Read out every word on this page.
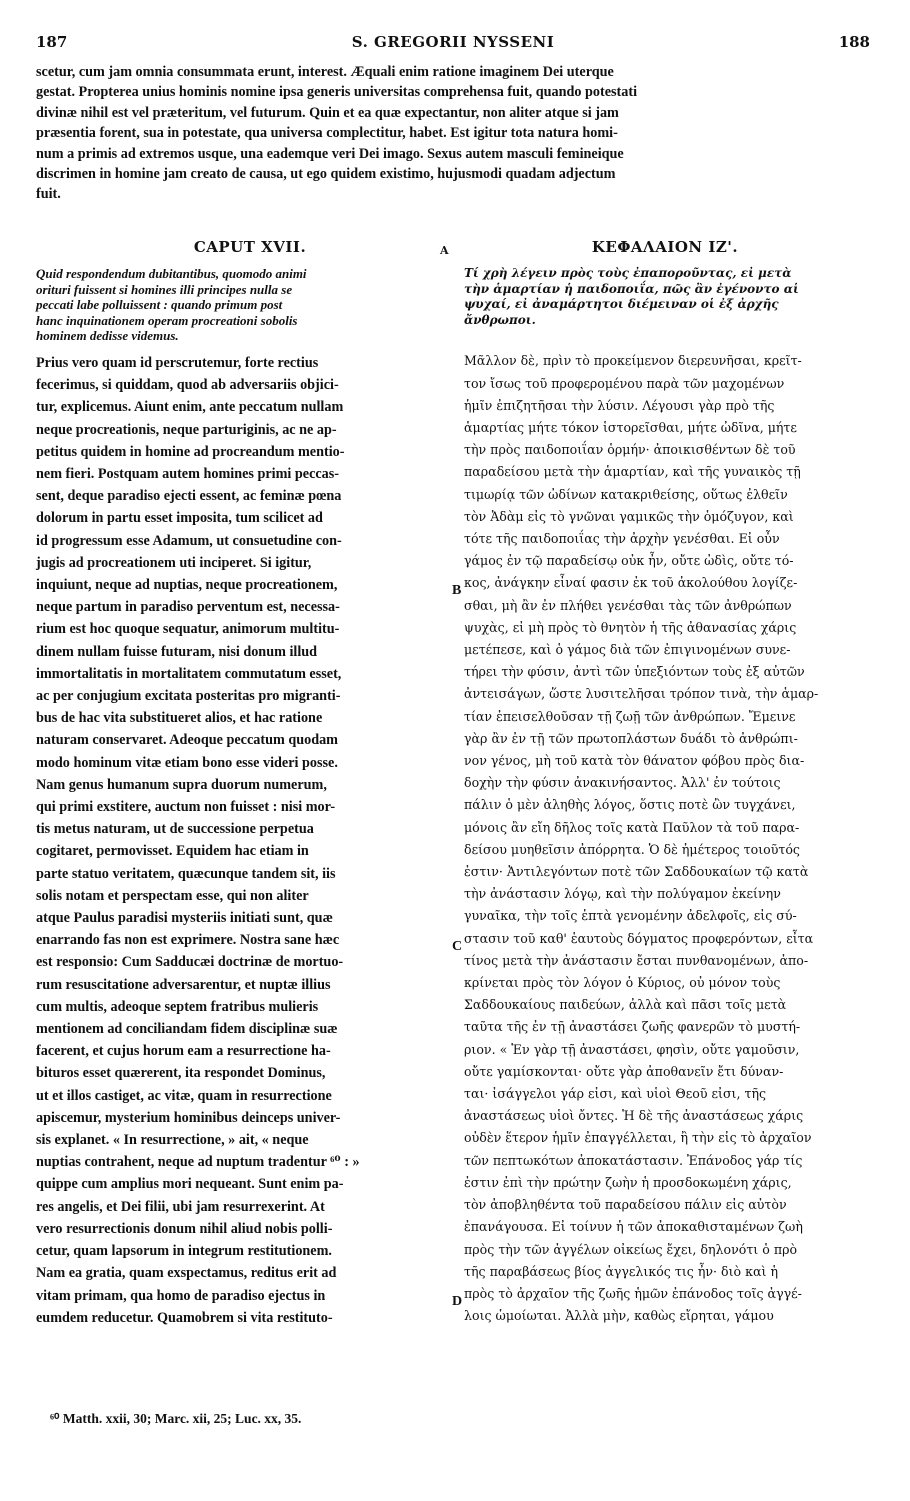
187	S. GREGORII NYSSENI	188
scetur, cum jam omnia consummata erunt, interest. Æquali enim ratione imaginem Dei uterque
gestat. Propterea unius hominis nomine ipsa generis universitas comprehensa fuit, quando potestati
divinæ nihil est vel præteritum, vel futurum. Quin et ea quæ expectantur, non aliter atque si jam
præsentia forent, sua in potestate, qua universa complectitur, habet. Est igitur tota natura homi-
num a primis ad extremos usque, una eademque veri Dei imago. Sexus autem masculi femineique
discrimen in homine jam creato de causa, ut ego quidem existimo, hujusmodi quadam adjectum
fuit.
CAPUT XVII.	A	ΚΕΦΑΛΑΙΟΝ ΙΖ'.
Quid respondendum dubitantibus, quomodo animi
orituri fuissent si homines illi principes nulla se
peccati labe polluissent : quando primum post
hanc inquinationem operam procreationi sobolis
hominem dedisse videmus.
Prius vero quam id perscrutemur, forte rectius
fecerimus, si quiddam, quod ab adversariis objici-
tur, explicemus. Aiunt enim, ante peccatum nullam
neque procreationis, neque parturiginis, ac ne ap-
petitus quidem in homine ad procreandum mentio-
nem fieri. Postquam autem homines primi peccas-
sent, deque paradiso ejecti essent, ac feminæ pœna
dolorum in partu esset imposita, tum scilicet ad
id progressum esse Adamum, ut consuetudine con-
jugis ad procreationem uti inciperet. Si igitur,
inquiunt, neque ad nuptias, neque procreationem,
neque partum in paradiso perventum est, necessa-
rium est hoc quoque sequatur, animorum multitu-
dinem nullam fuisse futuram, nisi donum illud
immortalitatis in mortalitatem commutatum esset,
ac per conjugium excitata posteritas pro migranti-
bus de hac vita substitueret alios, et hac ratione
naturam conservaret. Adeoque peccatum quodam
modo hominum vitæ etiam bono esse videri posse.
Nam genus humanum supra duorum numerum,
qui primi exstitere, auctum non fuisset : nisi mor-
tis metus naturam, ut de successione perpetua
cogitaret, permovisset. Equidem hac etiam in
parte statuo veritatem, quæcunque tandem sit, iis
solis notam et perspectam esse, qui non aliter
atque Paulus paradisi mysteriis initiati sunt, quæ
enarrando fas non est exprimere. Nostra sane hæc
est responsio: Cum Sadducæi doctrinæ de mortuo-
rum resuscitatione adversarentur, et nuptæ illius
cum multis, adeoque septem fratribus mulieris
mentionem ad conciliandam fidem disciplinæ suæ
facerent, et cujus horum eam a resurrectione ha-
bituros esset quærerent, ita respondet Dominus,
ut et illos castiget, ac vitæ, quam in resurrectione
apiscemur, mysterium hominibus deinceps univer-
sis explanet. « In resurrectione, » ait, « neque
nuptias contrahent, neque ad nuptum tradentur ⁶⁰ : »
quippe cum amplius mori nequeant. Sunt enim pa-
res angelis, et Dei filii, ubi jam resurrexerint. At
vero resurrectionis donum nihil aliud nobis polli-
cetur, quam lapsorum in integrum restitutionem.
Nam ea gratia, quam exspectamus, reditus erit ad
vitam primam, qua homo de paradiso ejectus in
eumdem reducetur. Quamobrem si vita restituto-
Τί χρὴ λέγειν πρὸς τοὺς ἐπαποροῦντας, εἰ μετὰ
τὴν ἁμαρτίαν ἡ παιδοποιΐα, πῶς ἂν ἐγένοντο αἱ
ψυχαί, εἰ ἀναμάρτητοι διέμειναν οἱ ἐξ ἀρχῆς
ἄνθρωποι.
Μᾶλλον δὲ, πρὶν τὸ προκείμενον διερευνῆσαι, κρεῖτ-
τον ἴσως τοῦ προφερομένου παρὰ τῶν μαχομένων
ἡμῖν ἐπιζητῆσαι τὴν λύσιν. Λέγουσι γὰρ πρὸ τῆς
ἁμαρτίας μήτε τόκον ἱστορεῖσθαι, μήτε ὠδῖνα, μήτε
τὴν πρὸς παιδοποιΐαν ὁρμήν· ἀποικισθέντων δὲ τοῦ
παραδείσου μετὰ τὴν ἁμαρτίαν, καὶ τῆς γυναικὸς τῇ
τιμωρίᾳ τῶν ὠδίνων κατακριθείσης, οὕτως ἐλθεῖν
τὸν Ἀδὰμ εἰς τὸ γνῶναι γαμικῶς τὴν ὁμόζυγον, καὶ
τότε τῆς παιδοποιΐας τὴν ἀρχὴν γενέσθαι. Εἰ οὖν
γάμος ἐν τῷ παραδείσῳ οὐκ ἦν, οὔτε ὠδὶς, οὔτε τό-
κος, ἀνάγκην εἶναί φασιν ἐκ τοῦ ἀκολούθου λογίζε-
σθαι, μὴ ἂν ἐν πλήθει γενέσθαι τὰς τῶν ἀνθρώπων
ψυχὰς, εἰ μὴ πρὸς τὸ θνητὸν ἡ τῆς ἀθανασίας χάρις
μετέπεσε, καὶ ὁ γάμος διὰ τῶν ἐπιγινομένων συνε-
τήρει τὴν φύσιν, ἀντὶ τῶν ὑπεξιόντων τοὺς ἐξ αὐτῶν
ἀντεισάγων, ὥστε λυσιτελῆσαι τρόπον τινὰ, τὴν ἁμαρ-
τίαν ἐπεισελθοῦσαν τῇ ζωῇ τῶν ἀνθρώπων. Ἔμεινε
γὰρ ἂν ἐν τῇ τῶν πρωτοπλάστων δυάδι τὸ ἀνθρώπι-
νον γένος, μὴ τοῦ κατὰ τὸν θάνατον φόβου πρὸς δια-
δοχὴν τὴν φύσιν ἀνακινήσαντος. Ἀλλ' ἐν τούτοις
πάλιν ὁ μὲν ἀληθὴς λόγος, ὅστις ποτὲ ὢν τυγχάνει,
μόνοις ἂν εἴη δῆλος τοῖς κατὰ Παῦλον τὰ τοῦ παρα-
δείσου μυηθεῖσιν ἀπόρρητα. Ὁ δὲ ἡμέτερος τοιοῦτός
ἐστιν· Ἀντιλεγόντων ποτὲ τῶν Σαδδουκαίων τῷ κατὰ
τὴν ἀνάστασιν λόγῳ, καὶ τὴν πολύγαμον ἐκείνην
γυναῖκα, τὴν τοῖς ἑπτὰ γενομένην ἀδελφοῖς, εἰς σύ-
στασιν τοῦ καθ' ἑαυτοὺς δόγματος προφερόντων, εἶτα
τίνος μετὰ τὴν ἀνάστασιν ἔσται πυνθανομένων, ἀπο-
κρίνεται πρὸς τὸν λόγον ὁ Κύριος, οὐ μόνον τοὺς
Σαδδουκαίους παιδεύων, ἀλλὰ καὶ πᾶσι τοῖς μετὰ
ταῦτα τῆς ἐν τῇ ἀναστάσει ζωῆς φανερῶν τὸ μυστή-
ριον. « Ἐν γὰρ τῇ ἀναστάσει, φησὶν, οὔτε γαμοῦσιν,
οὔτε γαμίσκονται· οὔτε γὰρ ἀποθανεῖν ἔτι δύναν-
ται· ἰσάγγελοι γάρ εἰσι, καὶ υἱοὶ Θεοῦ εἰσι, τῆς
ἀναστάσεως υἱοὶ ὄντες. Ἡ δὲ τῆς ἀναστάσεως χάρις
οὐδὲν ἕτερον ἡμῖν ἐπαγγέλλεται, ἢ τὴν εἰς τὸ ἀρχαῖον
τῶν πεπτωκότων ἀποκατάστασιν. Ἐπάνοδος γάρ τίς
ἐστιν ἐπὶ τὴν πρώτην ζωὴν ἡ προσδοκωμένη χάρις,
τὸν ἀποβληθέντα τοῦ παραδείσου πάλιν εἰς αὐτὸν
ἐπανάγουσα. Εἰ τοίνυν ἡ τῶν ἀποκαθισταμένων ζωὴ
πρὸς τὴν τῶν ἀγγέλων οἰκείως ἔχει, δηλονότι ὁ πρὸ
τῆς παραβάσεως βίος ἀγγελικός τις ἦν· διὸ καὶ ἡ
πρὸς τὸ ἀρχαῖον τῆς ζωῆς ἡμῶν ἐπάνοδος τοῖς ἀγγέ-
λοις ὡμοίωται. Ἀλλὰ μὴν, καθὼς εἴρηται, γάμου
B
C
D
⁶⁰ Matth. xxii, 30; Marc. xii, 25; Luc. xx, 35.
